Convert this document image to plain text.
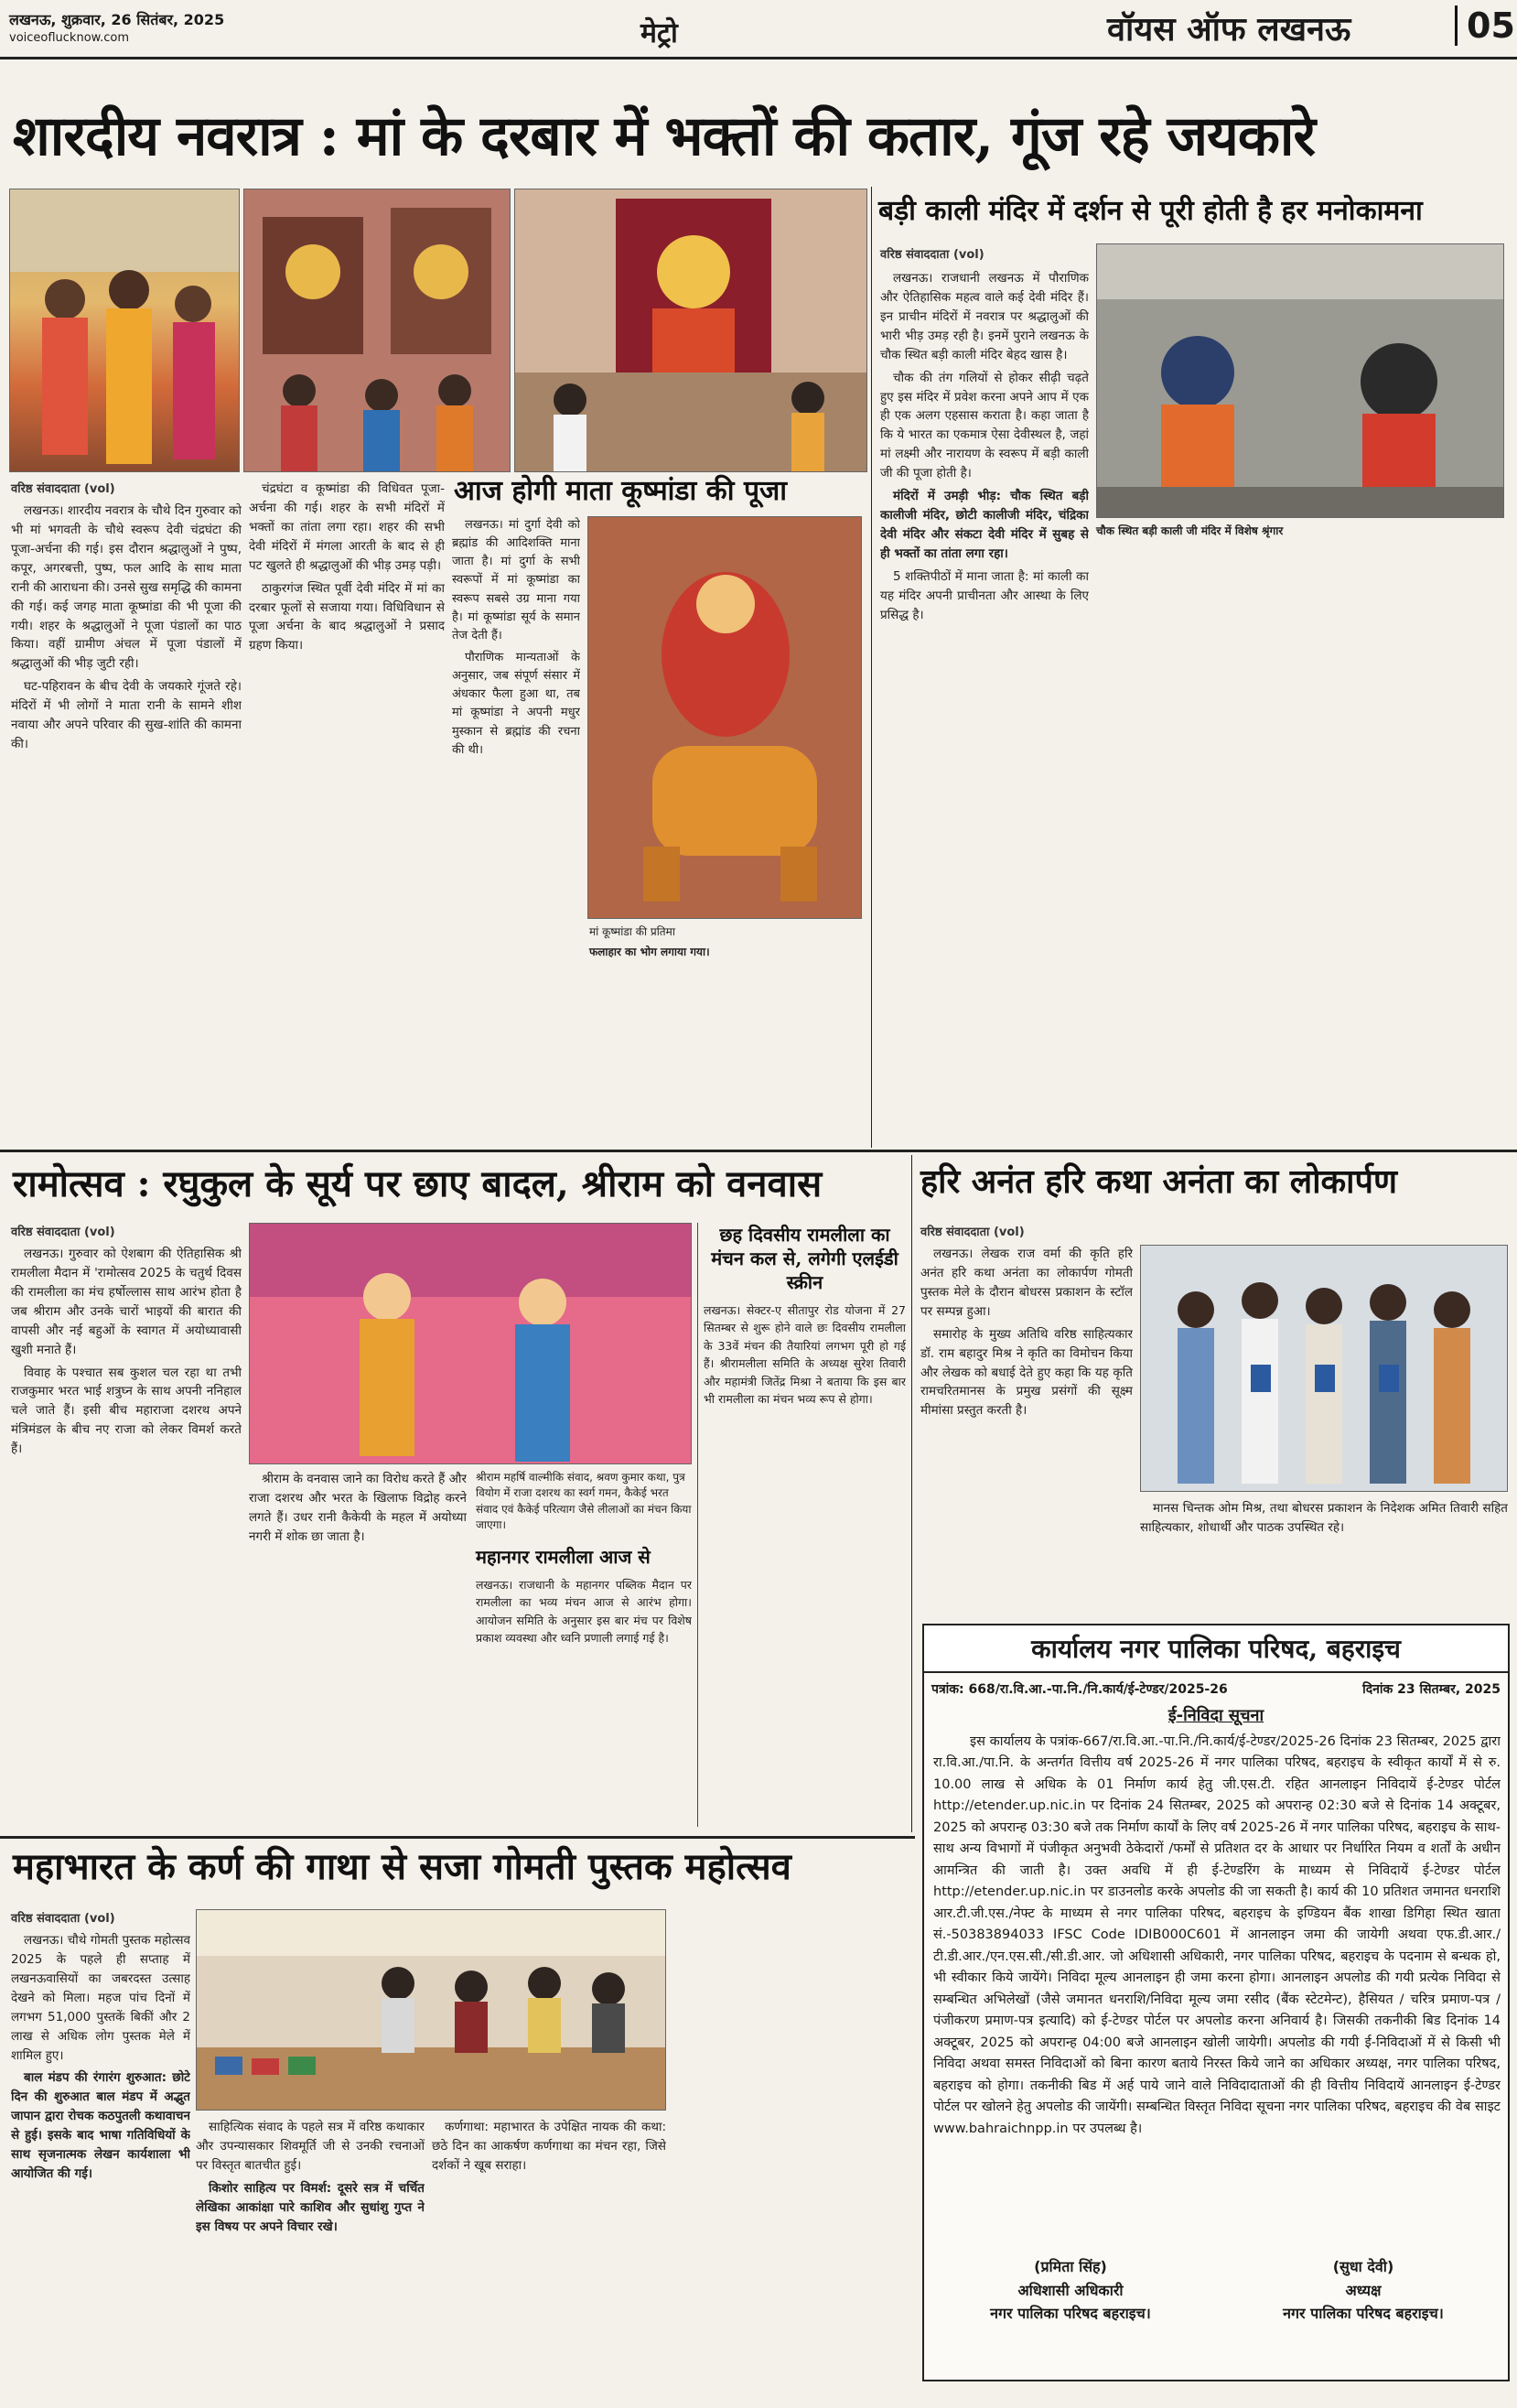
लखनऊ, शुक्रवार, 26 सितंबर, 2025
voiceoflucknow.com	मेट्रो	वॉयस ऑफ लखनऊ	05
शारदीय नवरात्र : मां के दरबार में भक्तों की कतार, गूंज रहे जयकारे
वरिष्ठ संवाददाता (vol)

लखनऊ। शारदीय नवरात्र के चौथे दिन गुरुवार को भी मां भगवती के चौथे स्वरूप देवी चंद्रघंटा की पूजा-अर्चना की गई। इस दौरान श्रद्धालुओं ने पुष्प, कपूर, अगरबत्ती, पुष्प, फल आदि के साथ माता रानी की आराधना की। उनसे सुख समृद्धि की कामना की गई। कई जगह माता कूष्मांडा की भी पूजा की गयी। शहर के श्रद्धालुओं ने पूजा पंडालों का पाठ किया। वहीं ग्रामीण अंचल में पूजा पंडालों में श्रद्धालुओं की भीड़ जुटी रही।

घट-पहिरावन के बीच देवी के जयकारे गूंजते रहे। मंदिरों में भी लोगों ने माता रानी के सामने शीश नवाया और अपने परिवार की सुख-शांति की कामना की।

चंद्रघंटा व कूष्मांडा की विधिवत पूजा-अर्चना की गई। शहर के सभी मंदिरों में भक्तों का तांता लगा रहा। शहर की सभी देवी मंदिरों में मंगला आरती के बाद से ही पट खुलते ही श्रद्धालुओं की भीड़ उमड़ पड़ी।

ठाकुरगंज स्थित पूर्वी देवी मंदिर में मां का दरबार फूलों से सजाया गया। विधिविधान से पूजा अर्चना के बाद श्रद्धालुओं ने प्रसाद ग्रहण किया।

आज होगी माता कूष्मांडा की पूजा

लखनऊ। मां दुर्गा देवी को ब्रह्मांड की आदिशक्ति माना जाता है। मां दुर्गा के सभी स्वरूपों में मां कूष्मांडा का स्वरूप सबसे उग्र माना गया है। मां कूष्मांडा सूर्य के समान तेज देती हैं।

पौराणिक मान्यताओं के अनुसार, जब संपूर्ण संसार में अंधकार फैला हुआ था, तब मां कूष्मांडा ने अपनी मधुर मुस्कान से ब्रह्मांड की रचना की थी।

मां कूष्मांडा की प्रतिमा
फलाहार का भोग लगाया गया।
बड़ी काली मंदिर में दर्शन से पूरी होती है हर मनोकामना
वरिष्ठ संवाददाता (vol)

लखनऊ। राजधानी लखनऊ में पौराणिक और ऐतिहासिक महत्व वाले कई देवी मंदिर हैं। इन प्राचीन मंदिरों में नवरात्र पर श्रद्धालुओं की भारी भीड़ उमड़ रही है। इनमें पुराने लखनऊ के चौक स्थित बड़ी काली मंदिर बेहद खास है।

चौक की तंग गलियों से होकर सीढ़ी चढ़ते हुए इस मंदिर में प्रवेश करना अपने आप में एक ही एक अलग एहसास कराता है। कहा जाता है कि ये भारत का एकमात्र ऐसा देवीस्थल है, जहां मां लक्ष्मी और नारायण के स्वरूप में बड़ी काली जी की पूजा होती है।

मंदिरों में उमड़ी भीड़: चौक स्थित बड़ी कालीजी मंदिर, छोटी कालीजी मंदिर, चंद्रिका देवी मंदिर और संकटा देवी मंदिर में सुबह से ही भक्तों का तांता लगा रहा।

5 शक्तिपीठों में माना जाता है: मां काली का यह मंदिर अपनी प्राचीनता और आस्था के लिए प्रसिद्ध है।

चौक स्थित बड़ी काली जी मंदिर में विशेष श्रृंगार
रामोत्सव : रघुकुल के सूर्य पर छाए बादल, श्रीराम को वनवास
वरिष्ठ संवाददाता (vol)

लखनऊ। गुरुवार को ऐशबाग की ऐतिहासिक श्री रामलीला मैदान में 'रामोत्सव 2025 के चतुर्थ दिवस की रामलीला का मंच हर्षोल्लास साथ आरंभ होता है जब श्रीराम और उनके चारों भाइयों की बारात की वापसी और नई बहुओं के स्वागत में अयोध्यावासी खुशी मनाते हैं।

विवाह के पश्चात सब कुशल चल रहा था तभी राजकुमार भरत भाई शत्रुघ्न के साथ अपनी ननिहाल चले जाते हैं। इसी बीच महाराजा दशरथ अपने मंत्रिमंडल के बीच नए राजा को लेकर विमर्श करते हैं।

श्रीराम के वनवास जाने का विरोध करते हैं और राजा दशरथ और भरत के खिलाफ विद्रोह करने लगते हैं। उधर रानी कैकेयी के महल में अयोध्या नगरी में शोक छा जाता है।

श्रीराम महर्षि वाल्मीकि संवाद, श्रवण कुमार कथा, पुत्र वियोग में राजा दशरथ का स्वर्ग गमन, कैकेई भरत संवाद एवं कैकेई परित्याग जैसे लीलाओं का मंचन किया जाएगा।
महानगर रामलीला आज से
लखनऊ। राजधानी के महानगर पब्लिक मैदान पर रामलीला का भव्य मंचन आज से आरंभ होगा। आयोजन समिति के अनुसार इस बार मंच पर विशेष प्रकाश व्यवस्था और ध्वनि प्रणाली लगाई गई है।
छह दिवसीय रामलीला का मंचन कल से, लगेगी एलईडी स्क्रीन
लखनऊ। सेक्टर-ए सीतापुर रोड योजना में 27 सितम्बर से शुरू होने वाले छः दिवसीय रामलीला के 33वें मंचन की तैयारियां लगभग पूरी हो गई हैं। श्रीरामलीला समिति के अध्यक्ष सुरेश तिवारी और महामंत्री जितेंद्र मिश्रा ने बताया कि इस बार भी रामलीला का मंचन भव्य रूप से होगा।
हरि अनंत हरि कथा अनंता का लोकार्पण
वरिष्ठ संवाददाता (vol)

लखनऊ। लेखक राज वर्मा की कृति हरि अनंत हरि कथा अनंता का लोकार्पण गोमती पुस्तक मेले के दौरान बोधरस प्रकाशन के स्टॉल पर सम्पन्न हुआ।

समारोह के मुख्य अतिथि वरिष्ठ साहित्यकार डॉ. राम बहादुर मिश्र ने कृति का विमोचन किया और लेखक को बधाई देते हुए कहा कि यह कृति रामचरितमानस के प्रमुख प्रसंगों की सूक्ष्म मीमांसा प्रस्तुत करती है।

मानस चिन्तक ओम मिश्र, तथा बोधरस प्रकाशन के निदेशक अमित तिवारी सहित साहित्यकार, शोधार्थी और पाठक उपस्थित रहे।

कार्यालय नगर पालिका परिषद, बहराइच
पत्रांक: 668/रा.वि.आ.-पा.नि./नि.कार्य/ई-टेण्डर/2025-26	दिनांक 23 सितम्बर, 2025
ई-निविदा सूचना
इस कार्यालय के पत्रांक-667/रा.वि.आ.-पा.नि./नि.कार्य/ई-टेण्डर/2025-26 दिनांक 23 सितम्बर, 2025 द्वारा रा.वि.आ./पा.नि. के अन्तर्गत वित्तीय वर्ष 2025-26 में नगर पालिका परिषद, बहराइच के स्वीकृत कार्यों में से रु. 10.00 लाख से अधिक के 01 निर्माण कार्य हेतु जी.एस.टी. रहित आनलाइन निविदायें ई-टेण्डर पोर्टल http://etender.up.nic.in पर दिनांक 24 सितम्बर, 2025 को अपरान्ह 02:30 बजे से दिनांक 14 अक्टूबर, 2025 को अपरान्ह 03:30 बजे तक निर्माण कार्यों के लिए वर्ष 2025-26 में नगर पालिका परिषद, बहराइच के साथ-साथ अन्य विभागों में पंजीकृत अनुभवी ठेकेदारों /फर्मों से प्रतिशत दर के आधार पर निर्धारित नियम व शर्तों के अधीन आमन्त्रित की जाती है। उक्त अवधि में ही ई-टेण्डरिंग के माध्यम से निविदायें ई-टेण्डर पोर्टल http://etender.up.nic.in पर डाउनलोड करके अपलोड की जा सकती है। कार्य की 10 प्रतिशत जमानत धनराशि आर.टी.जी.एस./नेफ्ट के माध्यम से नगर पालिका परिषद, बहराइच के इण्डियन बैंक शाखा डिगिहा स्थित खाता सं.-50383894033 IFSC Code IDIB000C601 में आनलाइन जमा की जायेगी अथवा एफ.डी.आर./टी.डी.आर./एन.एस.सी./सी.डी.आर. जो अधिशासी अधिकारी, नगर पालिका परिषद, बहराइच के पदनाम से बन्धक हो, भी स्वीकार किये जायेंगे। निविदा मूल्य आनलाइन ही जमा करना होगा। आनलाइन अपलोड की गयी प्रत्येक निविदा से सम्बन्धित अभिलेखों (जैसे जमानत धनराशि/निविदा मूल्य जमा रसीद (बैंक स्टेटमेन्ट), हैसियत / चरित्र प्रमाण-पत्र / पंजीकरण प्रमाण-पत्र इत्यादि) को ई-टेण्डर पोर्टल पर अपलोड करना अनिवार्य है। जिसकी तकनीकी बिड दिनांक 14 अक्टूबर, 2025 को अपरान्ह 04:00 बजे आनलाइन खोली जायेगी। अपलोड की गयी ई-निविदाओं में से किसी भी निविदा अथवा समस्त निविदाओं को बिना कारण बताये निरस्त किये जाने का अधिकार अध्यक्ष, नगर पालिका परिषद, बहराइच को होगा। तकनीकी बिड में अर्ह पाये जाने वाले निविदादाताओं की ही वित्तीय निविदायें आनलाइन ई-टेण्डर पोर्टल पर खोलने हेतु अपलोड की जायेंगी। सम्बन्धित विस्तृत निविदा सूचना नगर पालिका परिषद, बहराइच की वेब साइट www.bahraichnpp.in पर उपलब्ध है।
(प्रमिता सिंह)
अधिशासी अधिकारी
नगर पालिका परिषद बहराइच।
(सुधा देवी)
अध्यक्ष
नगर पालिका परिषद बहराइच।
महाभारत के कर्ण की गाथा से सजा गोमती पुस्तक महोत्सव
वरिष्ठ संवाददाता (vol)

लखनऊ। चौथे गोमती पुस्तक महोत्सव 2025 के पहले ही सप्ताह में लखनऊवासियों का जबरदस्त उत्साह देखने को मिला। महज पांच दिनों में लगभग 51,000 पुस्तकें बिकीं और 2 लाख से अधिक लोग पुस्तक मेले में शामिल हुए।

बाल मंडप की रंगारंग शुरुआत: छोटे दिन की शुरुआत बाल मंडप में अद्भुत जापान द्वारा रोचक कठपुतली कथावाचन से हुई। इसके बाद भाषा गतिविधियों के साथ सृजनात्मक लेखन कार्यशाला भी आयोजित की गई।

साहित्यिक संवाद के पहले सत्र में वरिष्ठ कथाकार और उपन्यासकार शिवमूर्ति जी से उनकी रचनाओं पर विस्तृत बातचीत हुई।

किशोर साहित्य पर विमर्श: दूसरे सत्र में चर्चित लेखिका आकांक्षा पारे काशिव और सुधांशु गुप्त ने इस विषय पर अपने विचार रखे।

कर्णगाथा: महाभारत के उपेक्षित नायक की कथा: छठे दिन का आकर्षण कर्णगाथा का मंचन रहा, जिसे दर्शकों ने खूब सराहा।
